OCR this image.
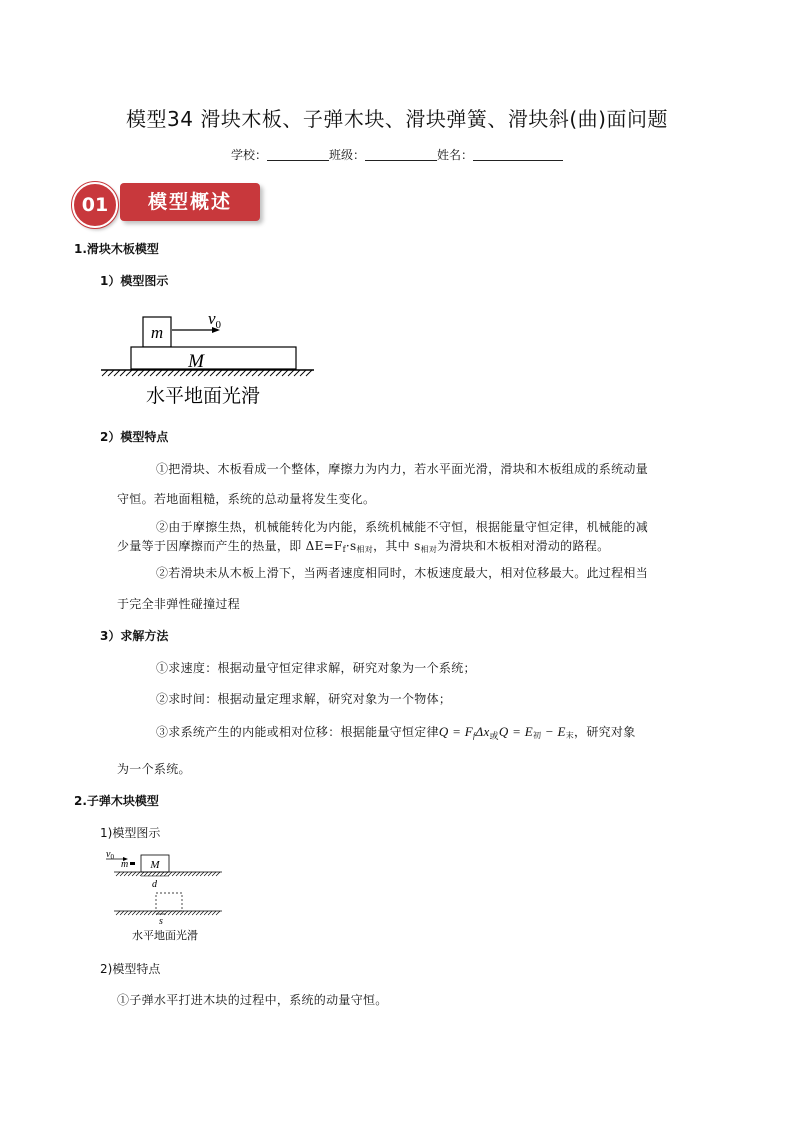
模型34 滑块木板、子弹木块、滑块弹簧、滑块斜(曲)面问题
学校：	班级：	姓名：
01	模型概述
1.滑块木板模型
1）模型图示
m
$v_0$
M
水平地面光滑
2）模型特点
①把滑块、木板看成一个整体，摩擦力为内力，若水平面光滑，滑块和木板组成的系统动量
守恒。若地面粗糙，系统的总动量将发生变化。
②由于摩擦生热，机械能转化为内能，系统机械能不守恒，根据能量守恒定律，机械能的减
少量等于因摩擦而产生的热量，即 $\Delta E=F_f\cdot s_{相对}$，其中 $s_{相对}$为滑块和木板相对滑动的路程。
②若滑块未从木板上滑下，当两者速度相同时，木板速度最大，相对位移最大。此过程相当
于完全非弹性碰撞过程
3）求解方法
①求速度：根据动量守恒定律求解，研究对象为一个系统；
②求时间：根据动量定理求解，研究对象为一个物体；
③求系统产生的内能或相对位移：根据能量守恒定律$Q = F_f\Delta x_或Q = E_初 - E_末$，研究对象
为一个系统。
2.子弹木块模型
1)模型图示
$v_0$
m M
d
s
水平地面光滑
2)模型特点
①子弹水平打进木块的过程中，系统的动量守恒。
